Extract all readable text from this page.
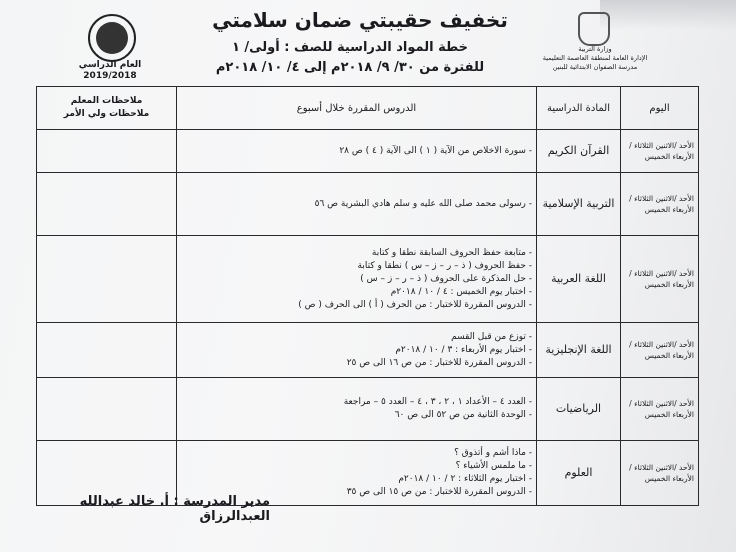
العام الدراسي
2019/2018
تخفيف حقيبتي ضمان سلامتي
خطة المواد الدراسية للصف : أولى/ ١
للفترة من ٣٠/ ٩/ ٢٠١٨م إلى ٤/ ١٠/ ٢٠١٨م
وزارة التربية
الإدارة العامة لمنطقة العاصمة التعليمية
مدرسة الصفوان الابتدائية للبنين
اليوم	المادة الدراسية	الدروس المقررة خلال أسبوع	ملاحظات المعلم
ملاحظات ولي الأمر

الأحد /الاثنين الثلاثاء /الأربعاء الخميس	القرآن الكريم	- سورة الاخلاص من الآية ( ١ ) الى الآية ( ٤ ) ص ٢٨	

الأحد /الاثنين الثلاثاء /الأربعاء الخميس	التربية الإسلامية	- رسولى محمد صلى الله عليه و سلم هادي البشرية ص ٥٦	

الأحد /الاثنين الثلاثاء /الأربعاء الخميس	اللغة العربية	- متابعة حفظ الحروف السابقة نطقا و كتابة
- حفظ الحروف ( ذ – ر – ز – س ) نطقا و كتابة
- حل المذكرة على الحروف ( ذ – ر – ز – س )
- اختبار يوم الخميس : ٤ / ١٠ / ٢٠١٨م
- الدروس المقررة للاختبار : من الحرف ( أ ) الى الحرف ( ص )	

الأحد /الاثنين الثلاثاء /الأربعاء الخميس	اللغة الإنجليزية	- توزع من قبل القسم
- اختبار يوم الأربعاء : ٣ / ١٠ / ٢٠١٨م
- الدروس المقررة للاختبار : من ص ١٦ الى ص ٢٥	

الأحد /الاثنين الثلاثاء /الأربعاء الخميس	الرياضيات	- العدد ٤ – الأعداد ١ ، ٢ ، ٣ ، ٤ – العدد ٥ – مراجعة
- الوحدة الثانية من ص ٥٢ الى ص ٦٠	

الأحد /الاثنين الثلاثاء /الأربعاء الخميس	العلوم	- ماذا أشم و أتذوق ؟
- ما ملمس الأشياء ؟
- اختبار يوم الثلاثاء : ٢ / ١٠ / ٢٠١٨م
- الدروس المقررة للاختبار : من ص ١٥ الى ص ٣٥	

مدير المدرسة : أ. خالد عبدالله العبدالرزاق
